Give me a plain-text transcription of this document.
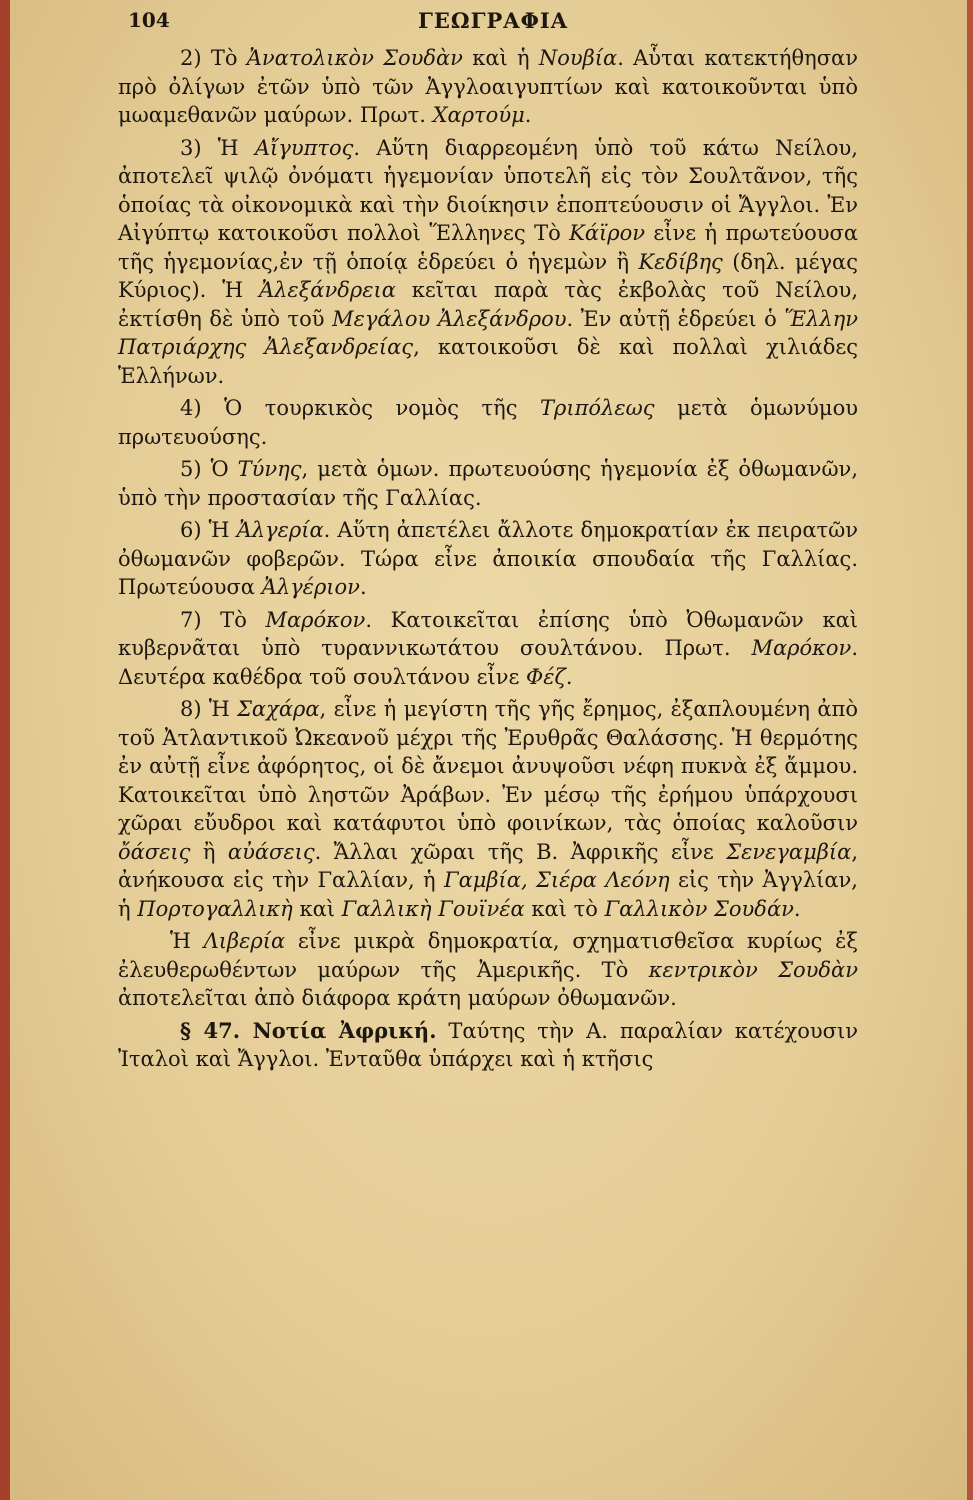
104	ΓΕΩΓΡΑΦΙΑ

2) Τὸ Ἀνατολικὸν Σουδὰν καὶ ἡ Νουβία. Αὗται κατεκτήθησαν πρὸ ὀλίγων ἐτῶν ὑπὸ τῶν Ἀγγλοαιγυπτίων καὶ κατοικοῦνται ὑπὸ μωαμεθανῶν μαύρων. Πρωτ. Χαρτούμ.

3) Ἡ Αἴγυπτος. Αὕτη διαρρεομένη ὑπὸ τοῦ κάτω Νείλου, ἀποτελεῖ ψιλῷ ὀνόματι ἡγεμονίαν ὑποτελῆ εἰς τὸν Σουλτᾶνον, τῆς ὁποίας τὰ οἰκονομικὰ καὶ τὴν διοίκησιν ἐποπτεύουσιν οἱ Ἄγγλοι. Ἐν Αἰγύπτῳ κατοικοῦσι πολλοὶ Ἕλληνες Τὸ Κάϊρον εἶνε ἡ πρωτεύουσα τῆς ἡγεμονίας,ἐν τῇ ὁποίᾳ ἑδρεύει ὁ ἡγεμὼν ἢ Κεδίβης (δηλ. μέγας Κύριος). Ἡ Ἀλεξάνδρεια κεῖται παρὰ τὰς ἐκβολὰς τοῦ Νείλου, ἐκτίσθη δὲ ὑπὸ τοῦ Μεγάλου Ἀλεξάνδρου. Ἐν αὐτῇ ἑδρεύει ὁ Ἕλλην Πατριάρχης Ἀλεξανδρείας, κατοικοῦσι δὲ καὶ πολλαὶ χιλιάδες Ἑλλήνων.

4) Ὁ τουρκικὸς νομὸς τῆς Τριπόλεως μετὰ ὁμωνύμου πρωτευούσης.

5) Ὁ Τύνης, μετὰ ὁμων. πρωτευούσης ἡγεμονία ἐξ ὀθωμανῶν, ὑπὸ τὴν προστασίαν τῆς Γαλλίας.

6) Ἡ Ἀλγερία. Αὕτη ἀπετέλει ἄλλοτε δημοκρατίαν ἐκ πειρατῶν ὀθωμανῶν φοβερῶν. Τώρα εἶνε ἀποικία σπουδαία τῆς Γαλλίας. Πρωτεύουσα Ἀλγέριον.

7) Τὸ Μαρόκον. Κατοικεῖται ἐπίσης ὑπὸ Ὀθωμανῶν καὶ κυβερνᾶται ὑπὸ τυραννικωτάτου σουλτάνου. Πρωτ. Μαρόκον. Δευτέρα καθέδρα τοῦ σουλτάνου εἶνε Φέζ.

8) Ἡ Σαχάρα, εἶνε ἡ μεγίστη τῆς γῆς ἔρημος, ἐξαπλουμένη ἀπὸ τοῦ Ἀτλαντικοῦ Ὠκεανοῦ μέχρι τῆς Ἐρυθρᾶς Θαλάσσης. Ἡ θερμότης ἐν αὐτῇ εἶνε ἀφόρητος, οἱ δὲ ἄνεμοι ἀνυψοῦσι νέφη πυκνὰ ἐξ ἄμμου. Κατοικεῖται ὑπὸ ληστῶν Ἀράβων. Ἐν μέσῳ τῆς ἐρήμου ὑπάρχουσι χῶραι εὔυδροι καὶ κατάφυτοι ὑπὸ φοινίκων, τὰς ὁποίας καλοῦσιν ὄάσεις ἢ αὐάσεις. Ἄλλαι χῶραι τῆς Β. Ἀφρικῆς εἶνε Σενεγαμβία, ἀνήκουσα εἰς τὴν Γαλλίαν, ἡ Γαμβία, Σιέρα Λεόνη εἰς τὴν Ἀγγλίαν, ἡ Πορτογαλλικὴ καὶ Γαλλικὴ Γουϊνέα καὶ τὸ Γαλλικὸν Σουδάν.

Ἡ Λιβερία εἶνε μικρὰ δημοκρατία, σχηματισθεῖσα κυρίως ἐξ ἐλευθερωθέντων μαύρων τῆς Ἀμερικῆς. Τὸ κεντρικὸν Σουδὰν ἀποτελεῖται ἀπὸ διάφορα κράτη μαύρων ὀθωμανῶν.

§ 47. Νοτία Ἀφρική. Ταύτης τὴν Α. παραλίαν κατέχουσιν Ἰταλοὶ καὶ Ἄγγλοι. Ἐνταῦθα ὑπάρχει καὶ ἡ κτῆσις
